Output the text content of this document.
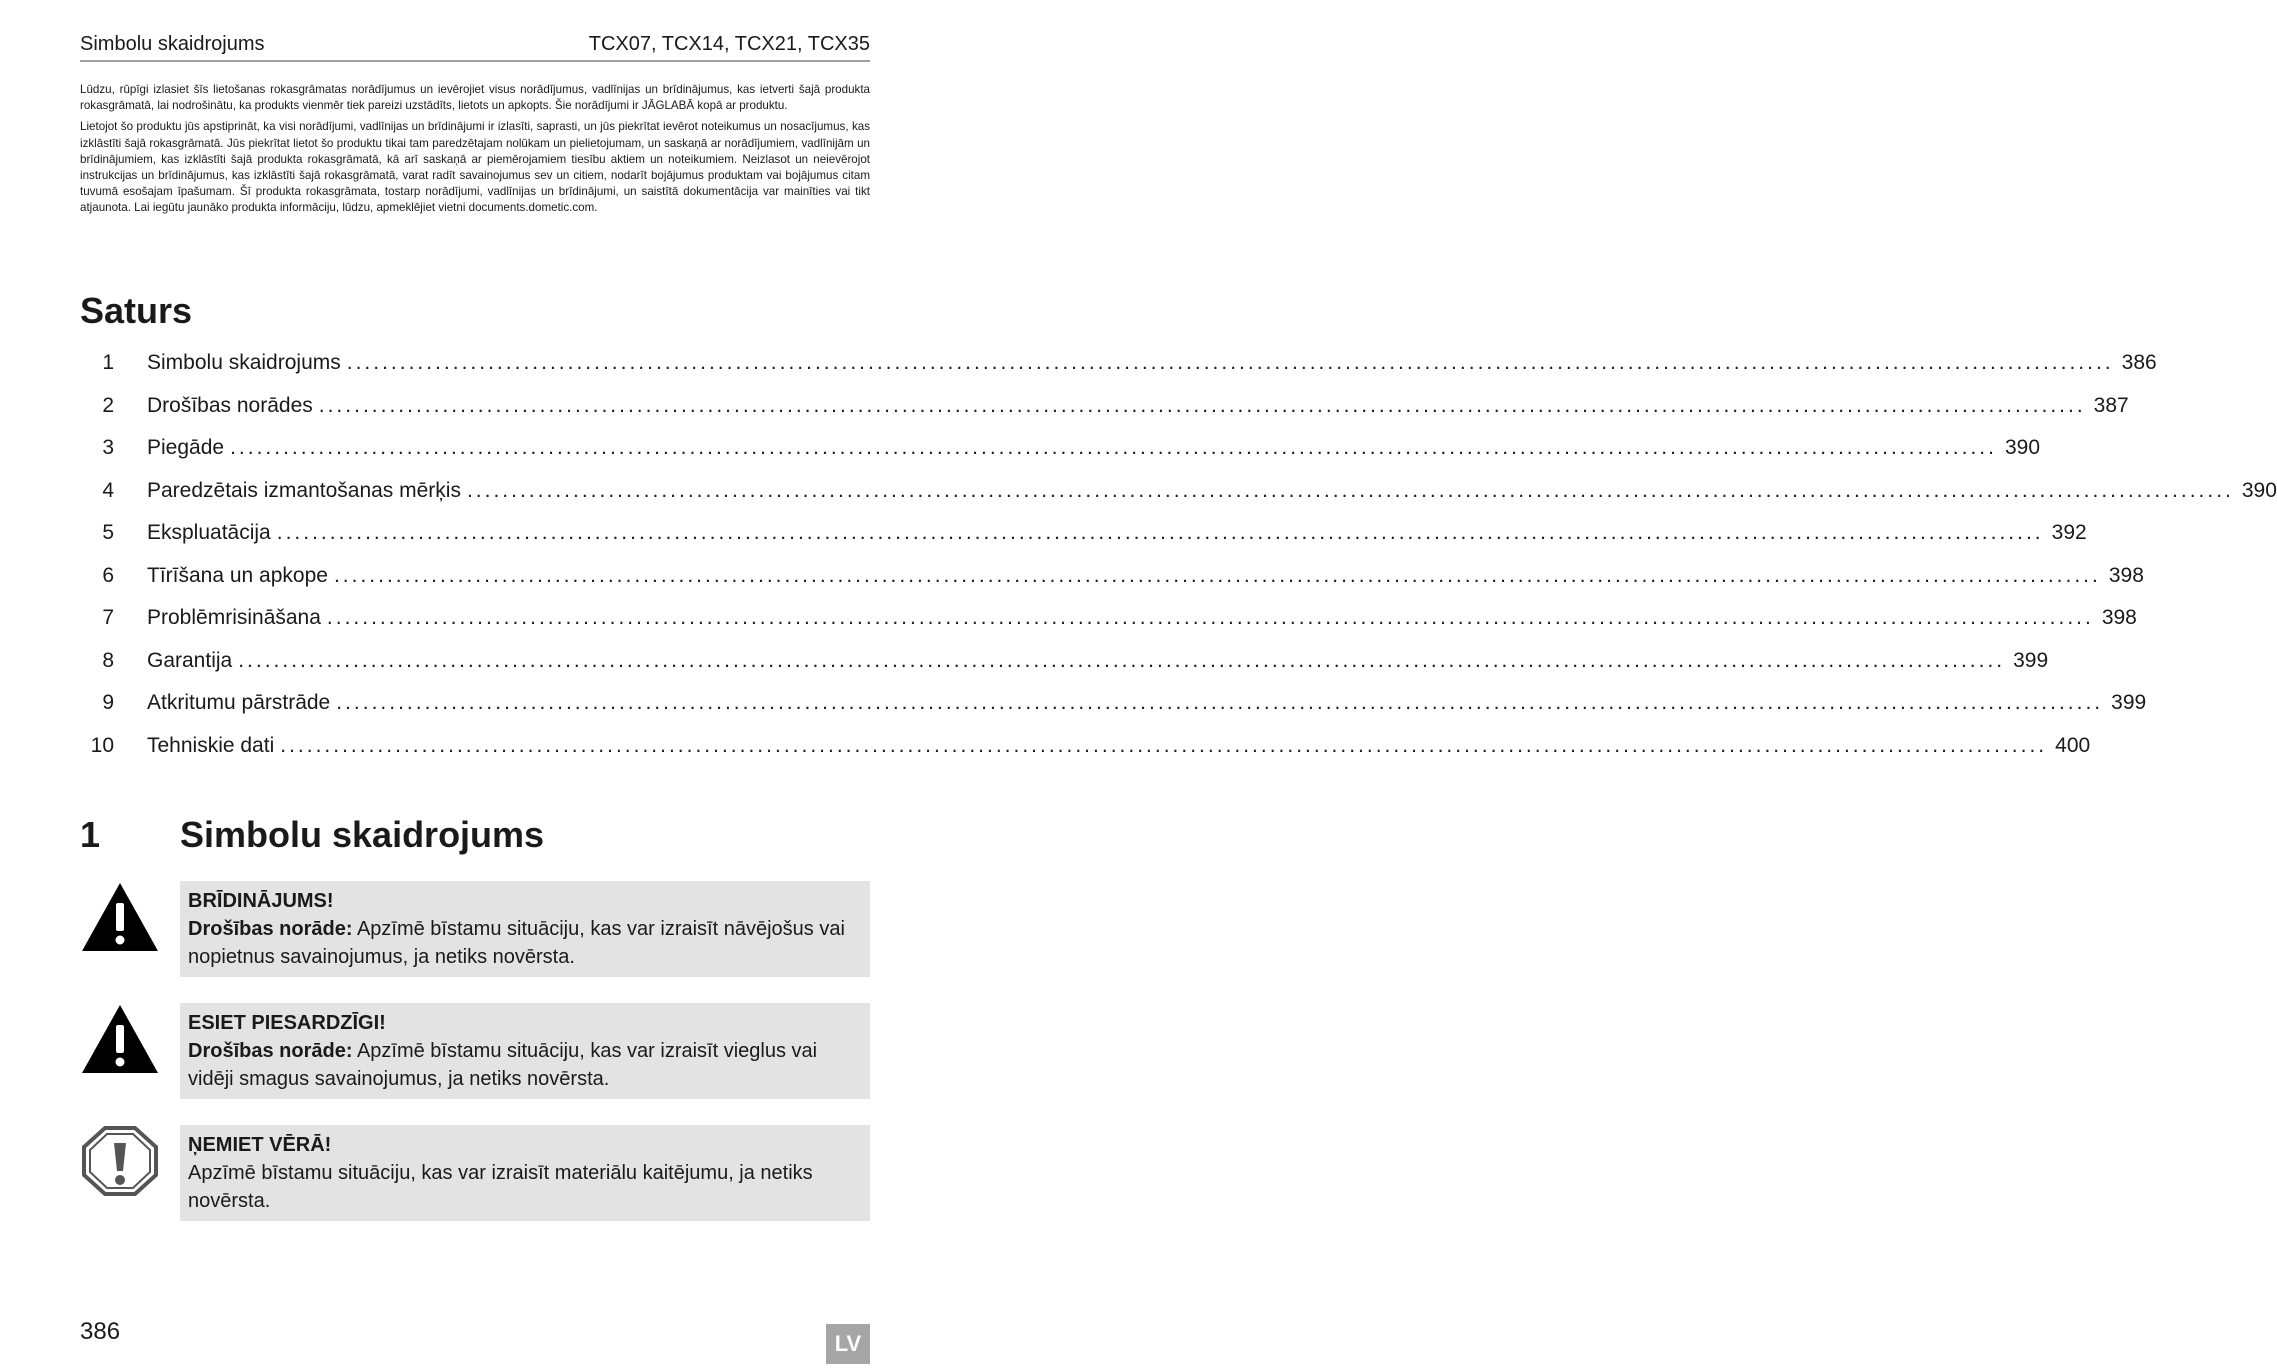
Simbolu skaidrojums	TCX07, TCX14, TCX21, TCX35

Lūdzu, rūpīgi izlasiet šīs lietošanas rokasgrāmatas norādījumus un ievērojiet visus norādījumus, vadlīnijas un brīdinājumus, kas ietverti šajā produkta rokasgrāmatā, lai nodrošinātu, ka produkts vienmēr tiek pareizi uzstādīts, lietots un apkopts. Šie norādījumi ir JĀGLABĀ kopā ar produktu.

Lietojot šo produktu jūs apstiprināt, ka visi norādījumi, vadlīnijas un brīdinājumi ir izlasīti, saprasti, un jūs piekrītat ievērot noteikumus un nosacījumus, kas izklāstīti šajā rokasgrāmatā. Jūs piekrītat lietot šo produktu tikai tam paredzētajam nolūkam un pielietojumam, un saskaņā ar norādījumiem, vadlīnijām un brīdinājumiem, kas izklāstīti šajā produkta rokasgrāmatā, kā arī saskaņā ar piemērojamiem tiesību aktiem un noteikumiem. Neizlasot un neievērojot instrukcijas un brīdinājumus, kas izklāstīti šajā rokasgrāmatā, varat radīt savainojumus sev un citiem, nodarīt bojājumus produktam vai bojājumus citam tuvumā esošajam īpašumam. Šī produkta rokasgrāmata, tostarp norādījumi, vadlīnijas un brīdinājumi, un saistītā dokumentācija var mainīties vai tikt atjaunota. Lai iegūtu jaunāko produkta informāciju, lūdzu, apmeklējiet vietni documents.dometic.com.

Saturs
1 Simbolu skaidrojums ........................................................................................................................................................................................................ 386
2 Drošības norādes ........................................................................................................................................................................................................ 387
3 Piegāde ........................................................................................................................................................................................................ 390
4 Paredzētais izmantošanas mērķis ........................................................................................................................................................................................................ 390
5 Ekspluatācija ........................................................................................................................................................................................................ 392
6 Tīrīšana un apkope ........................................................................................................................................................................................................ 398
7 Problēmrisināšana ........................................................................................................................................................................................................ 398
8 Garantija ........................................................................................................................................................................................................ 399
9 Atkritumu pārstrāde ........................................................................................................................................................................................................ 399
10 Tehniskie dati ........................................................................................................................................................................................................ 400
1 Simbolu skaidrojums
BRĪDINĀJUMS!
Drošības norāde: Apzīmē bīstamu situāciju, kas var izraisīt nāvējošus vai nopietnus savainojumus, ja netiks novērsta.
ESIET PIESARDZĪGI!
Drošības norāde: Apzīmē bīstamu situāciju, kas var izraisīt vieglus vai vidēji smagus savainojumus, ja netiks novērsta.
ŅEMIET VĒRĀ!
Apzīmē bīstamu situāciju, kas var izraisīt materiālu kaitējumu, ja netiks novērsta.
386	LV
